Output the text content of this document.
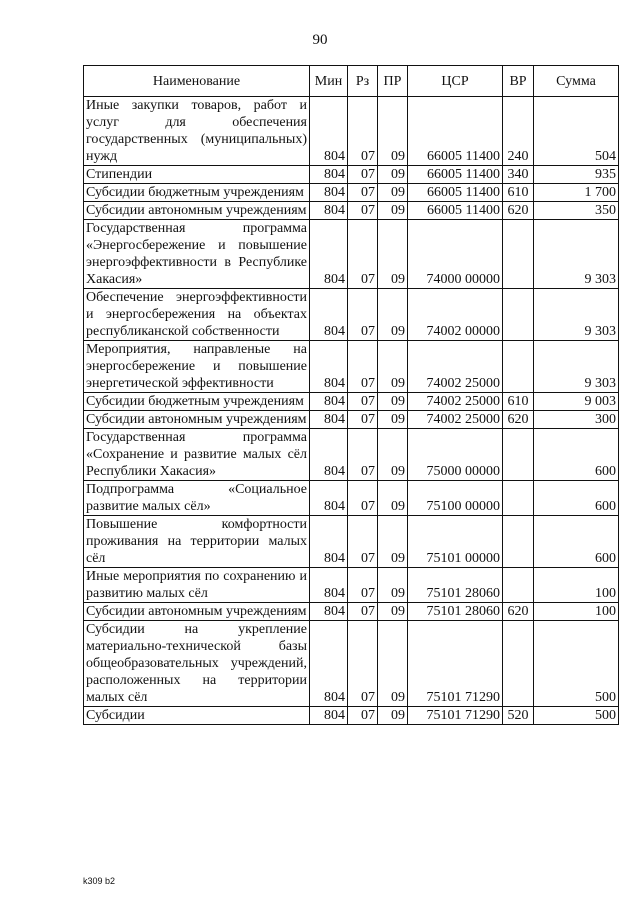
90
Наименование	Мин	Рз	ПР	ЦСР	ВР	Сумма
Иные закупки товаров, работ и услуг для обеспечения государственных (муниципальных) нужд	804	07	09	66005 11400	240	504
Стипендии	804	07	09	66005 11400	340	935
Субсидии бюджетным учреждениям	804	07	09	66005 11400	610	1 700
Субсидии автономным учреждениям	804	07	09	66005 11400	620	350
Государственная программа «Энергосбережение и повышение энергоэффективности в Республике Хакасия»	804	07	09	74000 00000		9 303
Обеспечение энергоэффективности и энергосбережения на объектах республиканской собственности	804	07	09	74002 00000		9 303
Мероприятия, направленые на энергосбережение и повышение энергетической эффективности	804	07	09	74002 25000		9 303
Субсидии бюджетным учреждениям	804	07	09	74002 25000	610	9 003
Субсидии автономным учреждениям	804	07	09	74002 25000	620	300
Государственная программа «Сохранение и развитие малых сёл Республики Хакасия»	804	07	09	75000 00000		600
Подпрограмма «Социальное развитие малых сёл»	804	07	09	75100 00000		600
Повышение комфортности проживания на территории малых сёл	804	07	09	75101 00000		600
Иные мероприятия по сохранению и развитию малых сёл	804	07	09	75101 28060		100
Субсидии автономным учреждениям	804	07	09	75101 28060	620	100
Субсидии на укрепление материально-технической базы общеобразовательных учреждений, расположенных на территории малых сёл	804	07	09	75101 71290		500
Субсидии	804	07	09	75101 71290	520	500
k309 b2
